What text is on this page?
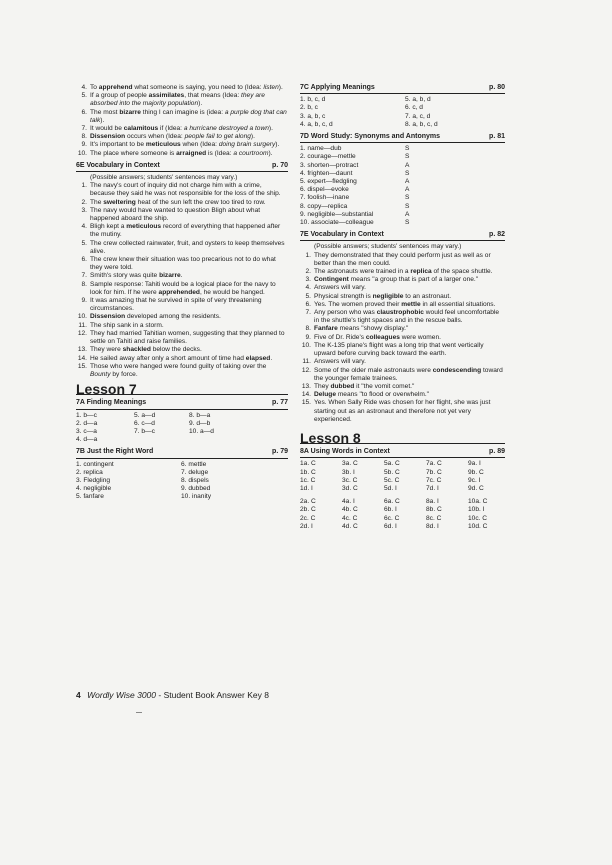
4. To apprehend what someone is saying, you need to (Idea: listen).
5. If a group of people assimilates, that means (Idea: they are absorbed into the majority population).
6. The most bizarre thing I can imagine is (idea: a purple dog that can talk).
7. It would be calamitous if (Idea: a hurricane destroyed a town).
8. Dissension occurs when (Idea: people fail to get along).
9. It's important to be meticulous when (Idea: doing brain surgery).
10. The place where someone is arraigned is (Idea: a courtroom).
6E Vocabulary in Context	p. 70
(Possible answers; students' sentences may vary.)
1. The navy's court of inquiry did not charge him with a crime, because they said he was not responsible for the loss of the ship.
2. The sweltering heat of the sun left the crew too tired to row.
3. The navy would have wanted to question Bligh about what happened aboard the ship.
4. Bligh kept a meticulous record of everything that happened after the mutiny.
5. The crew collected rainwater, fruit, and oysters to keep themselves alive.
6. The crew knew their situation was too precarious not to do what they were told.
7. Smith's story was quite bizarre.
8. Sample response: Tahiti would be a logical place for the navy to look for him. If he were apprehended, he would be hanged.
9. It was amazing that he survived in spite of very threatening circumstances.
10. Dissension developed among the residents.
11. The ship sank in a storm.
12. They had married Tahitian women, suggesting that they planned to settle on Tahiti and raise families.
13. They were shackled below the decks.
14. He sailed away after only a short amount of time had elapsed.
15. Those who were hanged were found guilty of taking over the Bounty by force.
Lesson 7
7A Finding Meanings	p. 77
1. b—c	5. a—d	8. b—a
2. d—a	6. c—d	9. d—b
3. c—a	7. b—c	10. a—d
4. d—a		
7B Just the Right Word	p. 79
1. contingent	6. mettle
2. replica	7. deluge
3. Fledgling	8. dispels
4. negligible	9. dubbed
5. fanfare	10. inanity
7C Applying Meanings	p. 80
1. b, c, d	5. a, b, d
2. b, c	6. c, d
3. a, b, c	7. a, c, d
4. a, b, c, d	8. a, b, c, d
7D Word Study: Synonyms and Antonyms	p. 81
1. name—dub	S
2. courage—mettle	S
3. shorten—protract	A
4. frighten—daunt	S
5. expert—fledgling	A
6. dispel—evoke	A
7. foolish—inane	S
8. copy—replica	S
9. negligible—substantial	A
10. associate—colleague	S
7E Vocabulary in Context	p. 82
(Possible answers; students' sentences may vary.)
1. They demonstrated that they could perform just as well as or better than the men could.
2. The astronauts were trained in a replica of the space shuttle.
3. Contingent means "a group that is part of a larger one."
4. Answers will vary.
5. Physical strength is negligible to an astronaut.
6. Yes. The women proved their mettle in all essential situations.
7. Any person who was claustrophobic would feel uncomfortable in the shuttle's tight spaces and in the rescue balls.
8. Fanfare means "showy display."
9. Five of Dr. Ride's colleagues were women.
10. The K-135 plane's flight was a long trip that went vertically upward before curving back toward the earth.
11. Answers will vary.
12. Some of the older male astronauts were condescending toward the younger female trainees.
13. They dubbed it "the vomit comet."
14. Deluge means "to flood or overwhelm."
15. Yes. When Sally Ride was chosen for her flight, she was just starting out as an astronaut and therefore not yet very experienced.
Lesson 8
8A Using Words in Context	p. 89
1a. C	3a. C	5a. C	7a. C	9a. I
1b. C	3b. I	5b. C	7b. C	9b. C
1c. C	3c. C	5c. C	7c. C	9c. I
1d. I	3d. C	5d. I	7d. I	9d. C

2a. C	4a. I	6a. C	8a. I	10a. C
2b. C	4b. C	6b. I	8b. C	10b. I
2c. C	4c. C	6c. C	8c. C	10c. C
2d. I	4d. C	6d. I	8d. I	10d. C
4 Wordly Wise 3000 - Student Book Answer Key 8
